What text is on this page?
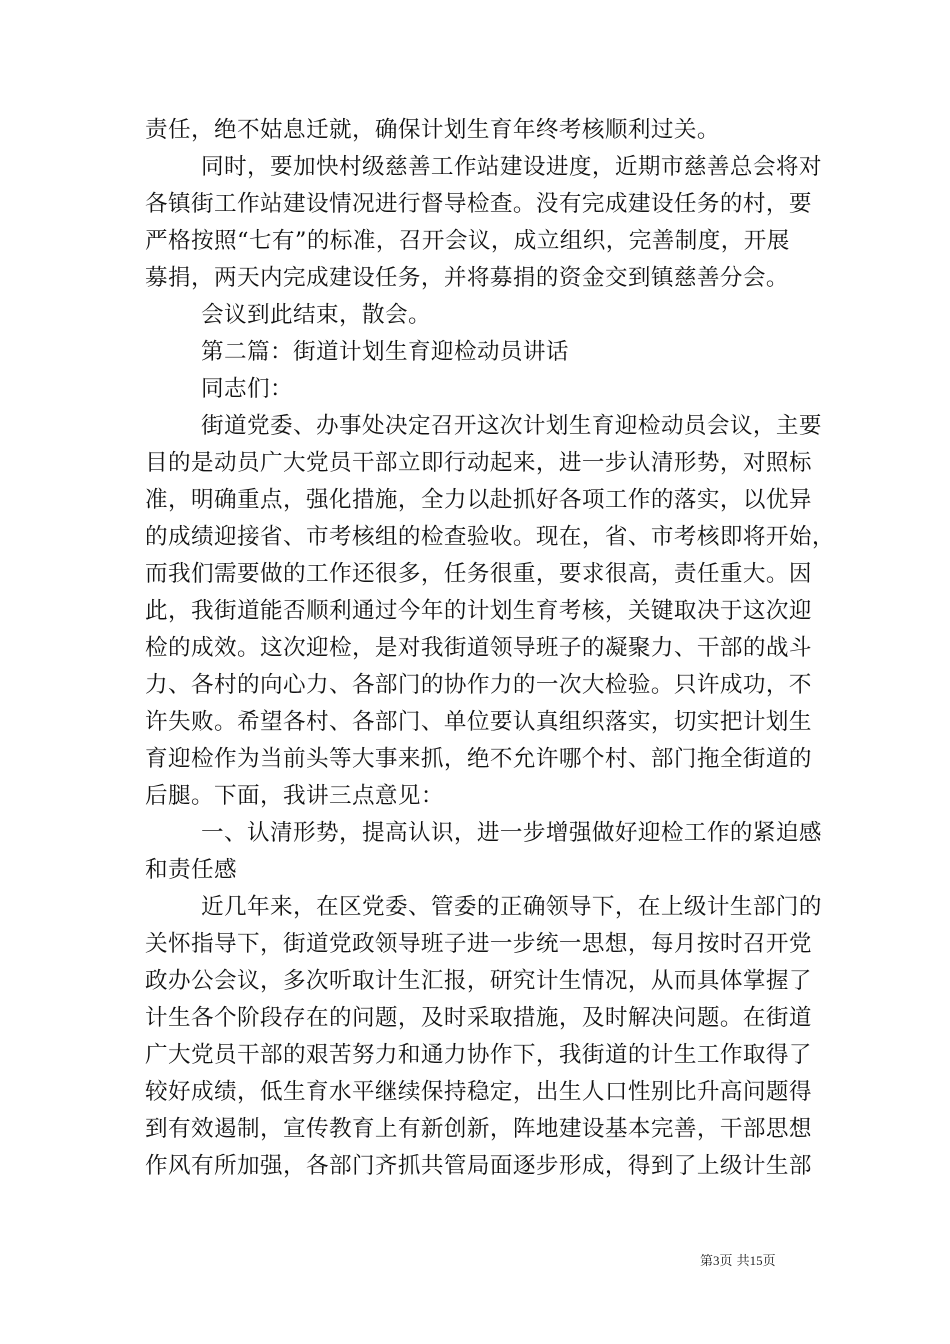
责任，绝不姑息迁就，确保计划生育年终考核顺利过关。
同时，要加快村级慈善工作站建设进度，近期市慈善总会将对
各镇街工作站建设情况进行督导检查。没有完成建设任务的村，要
严格按照“七有”的标准，召开会议，成立组织，完善制度，开展
募捐，两天内完成建设任务，并将募捐的资金交到镇慈善分会。
会议到此结束，散会。
第二篇：街道计划生育迎检动员讲话
同志们：
街道党委、办事处决定召开这次计划生育迎检动员会议，主要
目的是动员广大党员干部立即行动起来，进一步认清形势，对照标
准，明确重点，强化措施，全力以赴抓好各项工作的落实，以优异
的成绩迎接省、市考核组的检查验收。现在，省、市考核即将开始，
而我们需要做的工作还很多，任务很重，要求很高，责任重大。因
此，我街道能否顺利通过今年的计划生育考核，关键取决于这次迎
检的成效。这次迎检，是对我街道领导班子的凝聚力、干部的战斗
力、各村的向心力、各部门的协作力的一次大检验。只许成功，不
许失败。希望各村、各部门、单位要认真组织落实，切实把计划生
育迎检作为当前头等大事来抓，绝不允许哪个村、部门拖全街道的
后腿。下面，我讲三点意见：
一、认清形势，提高认识，进一步增强做好迎检工作的紧迫感
和责任感
近几年来，在区党委、管委的正确领导下，在上级计生部门的
关怀指导下，街道党政领导班子进一步统一思想，每月按时召开党
政办公会议，多次听取计生汇报，研究计生情况，从而具体掌握了
计生各个阶段存在的问题，及时采取措施，及时解决问题。在街道
广大党员干部的艰苦努力和通力协作下，我街道的计生工作取得了
较好成绩，低生育水平继续保持稳定，出生人口性别比升高问题得
到有效遏制，宣传教育上有新创新，阵地建设基本完善，干部思想
作风有所加强，各部门齐抓共管局面逐步形成，得到了上级计生部
第3页 共15页
